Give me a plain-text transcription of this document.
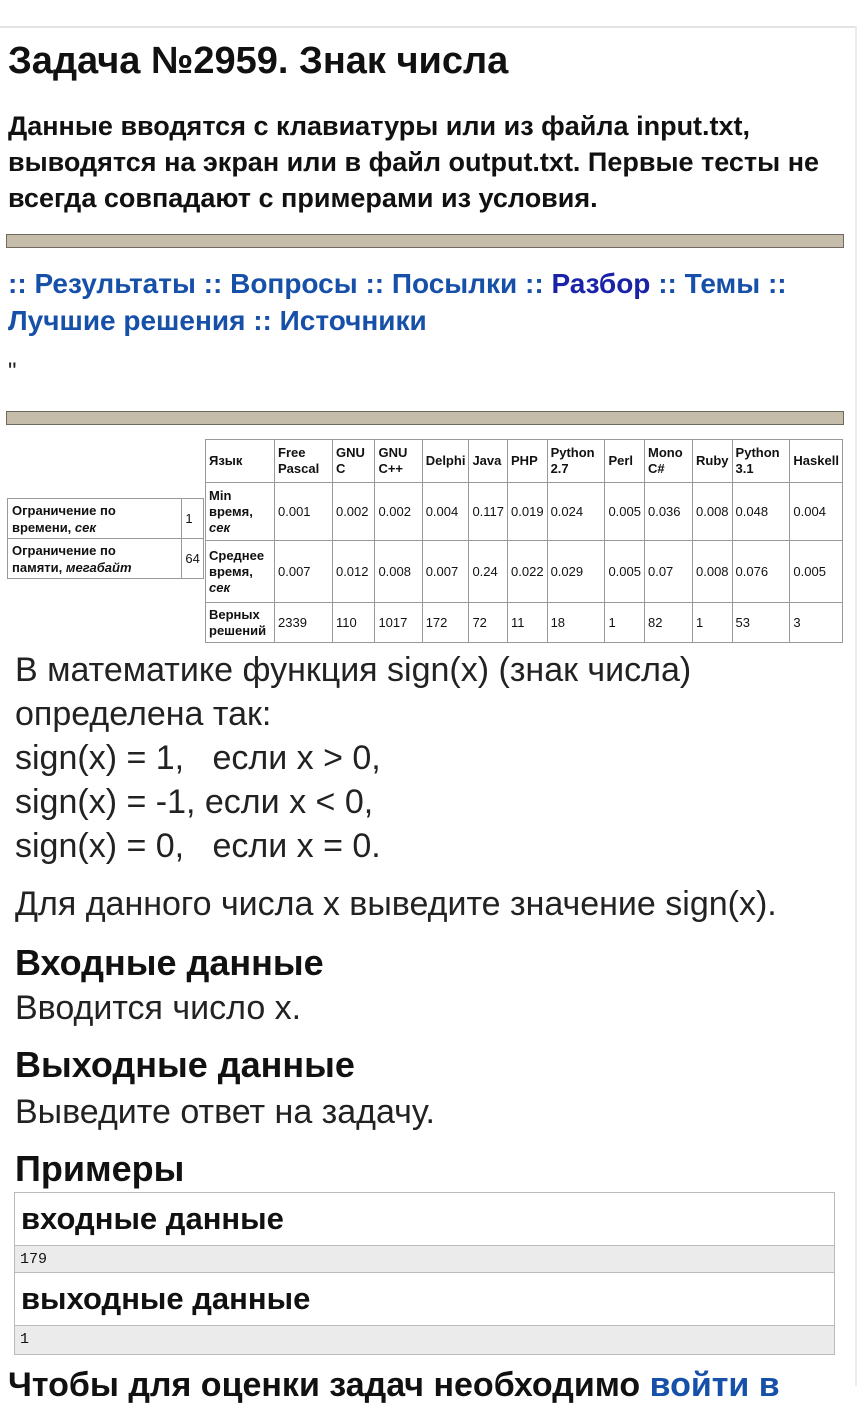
Задача №2959. Знак числа

Данные вводятся с клавиатуры или из файла input.txt, выводятся на экран или в файл output.txt. Первые тесты не всегда совпадают с примерами из условия.

:: Результаты :: Вопросы :: Посылки :: Разбор :: Темы :: Лучшие решения :: Источники
"
Ограничение по
времени, сек	1
Ограничение по
памяти, мегабайт	64
Язык	Free Pascal	GNU C	GNU C++	Delphi	Java	PHP	Python 2.7	Perl	Mono C#	Ruby	Python 3.1	Haskell
Min время,
сек	0.001	0.002	0.002	0.004	0.117	0.019	0.024	0.005	0.036	0.008	0.048	0.004
Среднее время,
сек	0.007	0.012	0.008	0.007	0.24	0.022	0.029	0.005	0.07	0.008	0.076	0.005
Верных решений	2339	110	1017	172	72	11	18	1	82	1	53	3
В математике функция sign(x) (знак числа) определена так:
sign(x) = 1,   если x > 0,
sign(x) = -1, если x < 0,
sign(x) = 0,   если x = 0.
Для данного числа x выведите значение sign(x).
Входные данные
Вводится число x.
Выходные данные
Выведите ответ на задачу.
Примеры
входные данные
179
выходные данные
1
Чтобы для оценки задач необходимо войти в
